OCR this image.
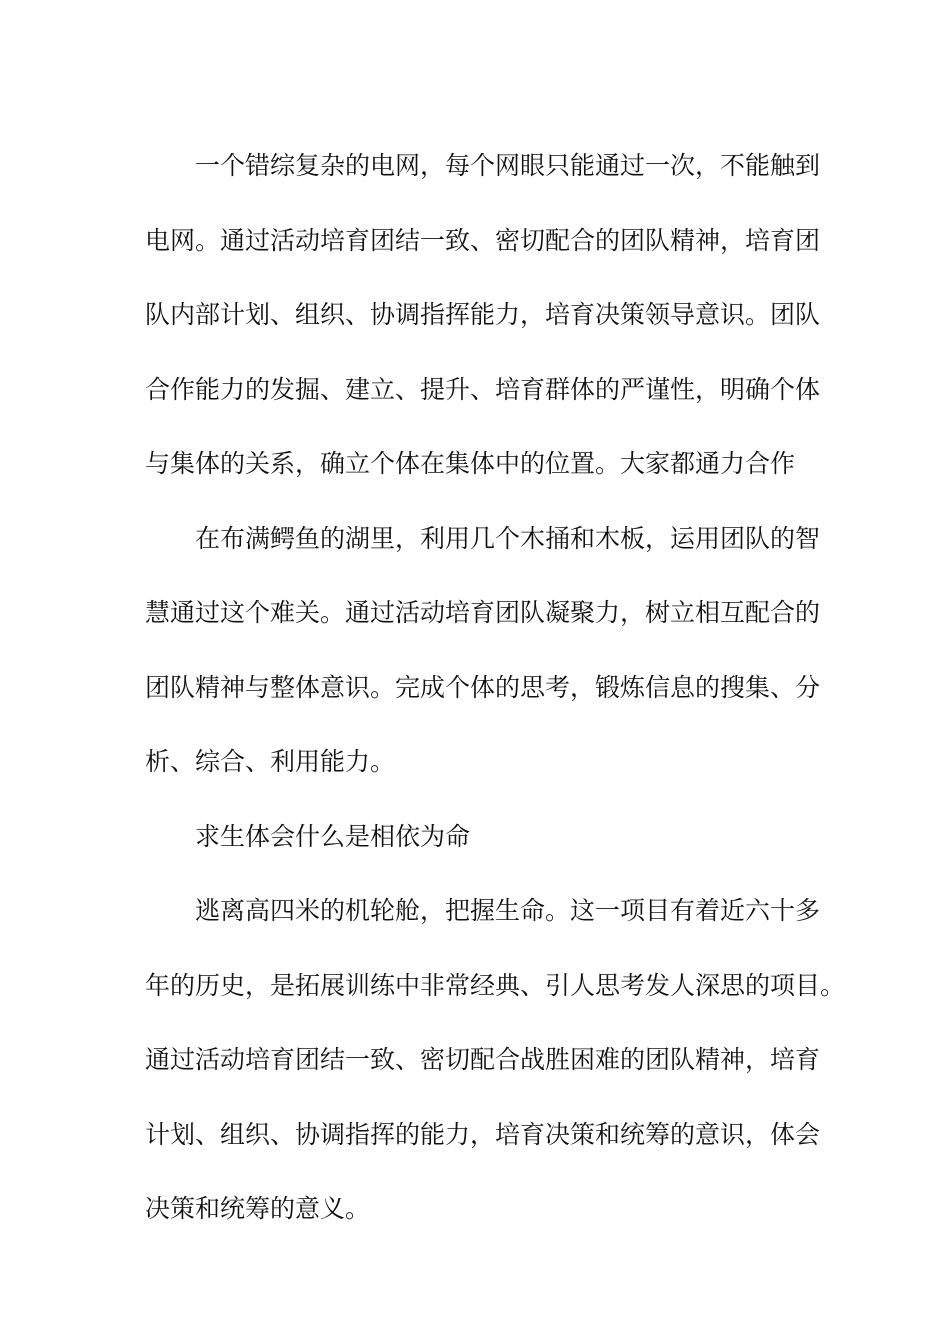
一个错综复杂的电网，每个网眼只能通过一次，不能触到
电网。通过活动培育团结一致、密切配合的团队精神，培育团
队内部计划、组织、协调指挥能力，培育决策领导意识。团队
合作能力的发掘、建立、提升、培育群体的严谨性，明确个体
与集体的关系，确立个体在集体中的位置。大家都通力合作
在布满鳄鱼的湖里，利用几个木捅和木板，运用团队的智
慧通过这个难关。通过活动培育团队凝聚力，树立相互配合的
团队精神与整体意识。完成个体的思考，锻炼信息的搜集、分
析、综合、利用能力。
求生体会什么是相依为命
逃离高四米的机轮舱，把握生命。这一项目有着近六十多
年的历史，是拓展训练中非常经典、引人思考发人深思的项目。
通过活动培育团结一致、密切配合战胜困难的团队精神，培育
计划、组织、协调指挥的能力，培育决策和统筹的意识，体会
决策和统筹的意义。
